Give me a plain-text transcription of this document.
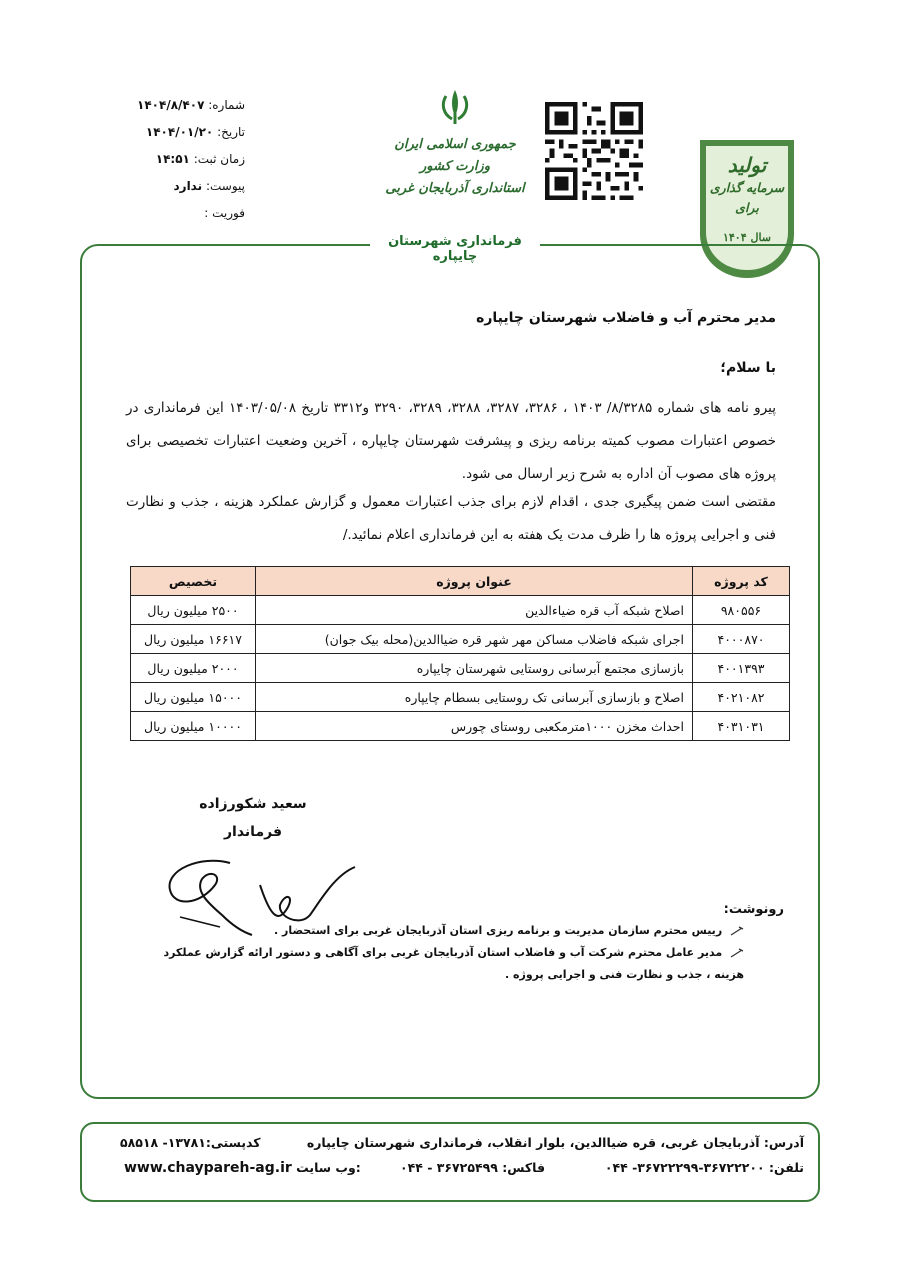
شماره: ۱۴۰۴/۸/۴۰۷
تاریخ: ۱۴۰۴/۰۱/۲۰
زمان ثبت: ۱۴:۵۱
پیوست: ندارد
فوریت :
جمهوری اسلامی ایران
وزارت کشور
استانداری آذربایجان غربی
تولید
سرمایه گذاری برای
سال ۱۴۰۴
فرمانداری شهرستان چایپاره
مدیر محترم آب و فاضلاب شهرستان چایپاره
با سلام؛
پیرو نامه های شماره ۸/۳۲۸۵/ ۱۴۰۳ ، ۳۲۸۶، ۳۲۸۷، ۳۲۸۸، ۳۲۸۹، ۳۲۹۰ و۳۳۱۲ تاریخ ۱۴۰۳/۰۵/۰۸ این فرمانداری در خصوص اعتبارات مصوب کمیته برنامه ریزی و پیشرفت شهرستان چایپاره ، آخرین وضعیت اعتبارات تخصیصی برای پروژه های مصوب آن اداره به شرح زیر ارسال می شود.
مقتضی است ضمن پیگیری جدی ، اقدام لازم برای جذب اعتبارات معمول و گزارش عملکرد هزینه ، جذب و نظارت فنی و اجرایی پروژه ها را ظرف مدت یک هفته به این فرمانداری اعلام نمائید./
کد پروژه	عنوان پروژه	تخصیص
۹۸۰۵۵۶	اصلاح شبکه آب قره ضیاءالدین	۲۵۰۰ میلیون ریال
۴۰۰۰۸۷۰	اجرای شبکه فاضلاب مساکن مهر شهر قره ضیاالدین(محله بیک جوان)	۱۶۶۱۷ میلیون ریال
۴۰۰۱۳۹۳	بازسازی مجتمع آبرسانی روستایی شهرستان چایپاره	۲۰۰۰ میلیون ریال
۴۰۲۱۰۸۲	اصلاح و بازسازی آبرسانی تک روستایی بسطام چایپاره	۱۵۰۰۰ میلیون ریال
۴۰۳۱۰۳۱	احداث مخزن ۱۰۰۰مترمکعبی روستای چورس	۱۰۰۰۰ میلیون ریال
سعید شکورزاده
فرماندار
رونوشت:
رییس محترم سازمان مدیریت و برنامه ریزی استان آذربایجان غربی برای استحضار .
مدیر عامل محترم شرکت آب و فاضلاب استان آذربایجان غربی برای آگاهی و دستور ارائه گزارش عملکرد هزینه ، جذب و نظارت فنی و اجرایی پروژه .
آدرس: آذربایجان غربی، قره ضیاالدین، بلوار انقلاب، فرمانداری شهرستان چایپاره
کدپستی:۱۳۷۸۱- ۵۸۵۱۸
تلفن: ۳۶۷۲۲۲۰۰-۳۶۷۲۲۲۹۹- ۰۴۴
فاکس: ۳۶۷۲۵۴۹۹ - ۰۴۴
www.chaypareh-ag.ir وب سایت:
